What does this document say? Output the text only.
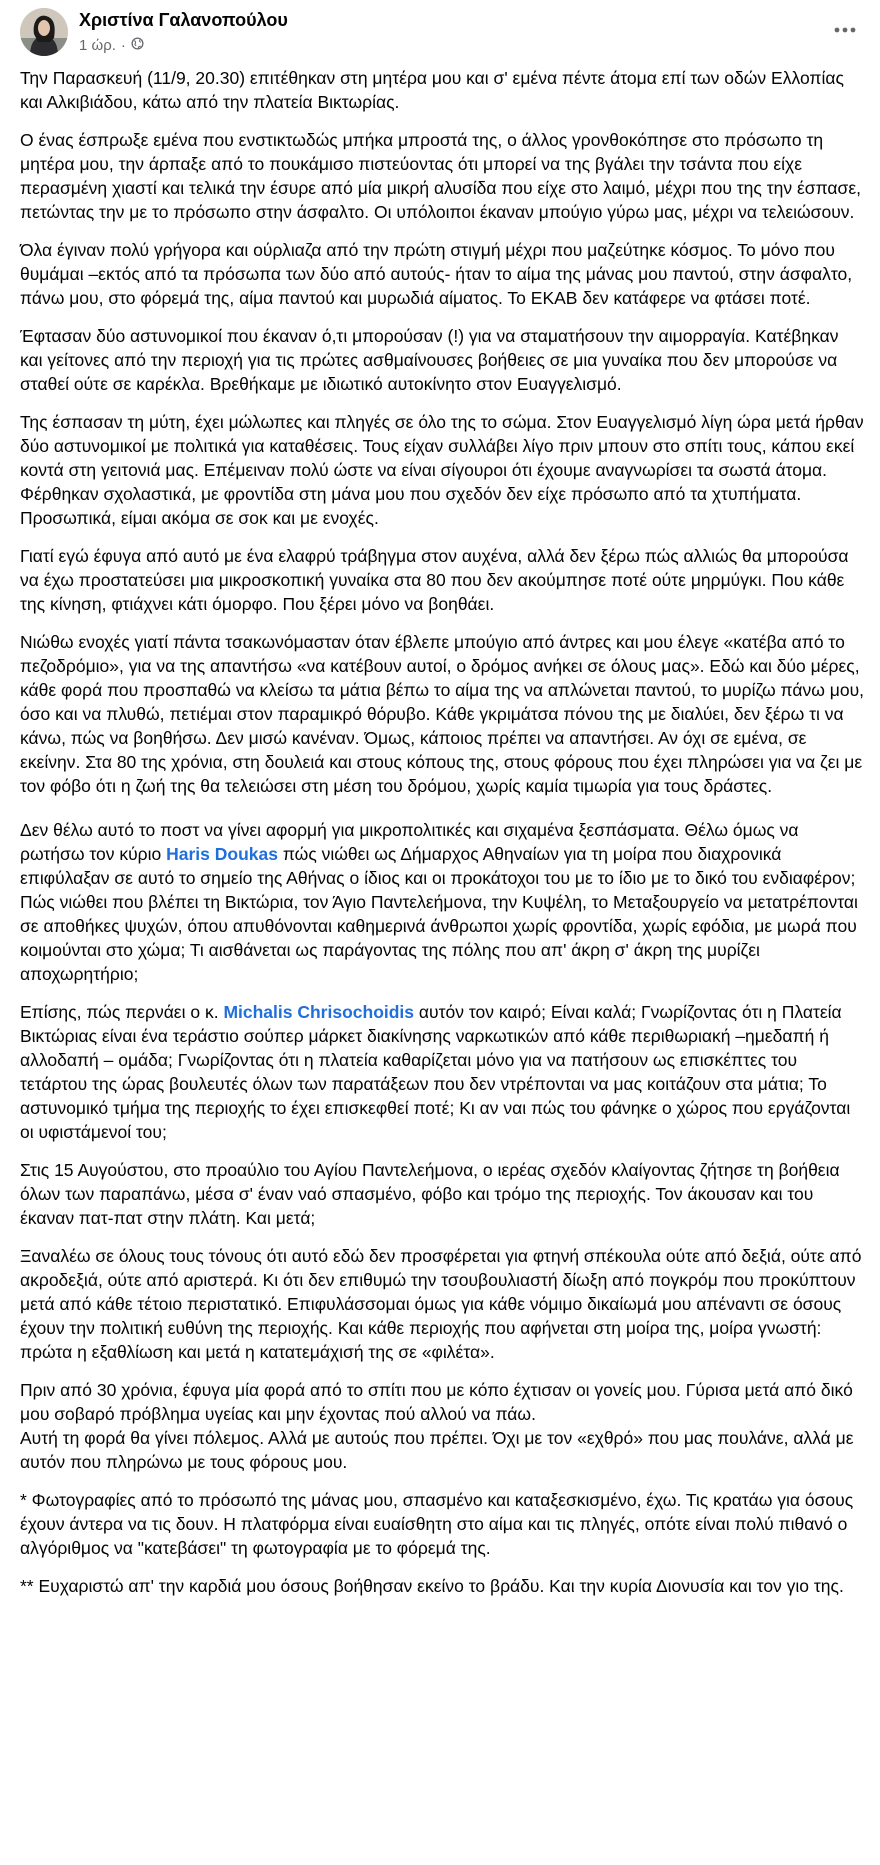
Χριστίνα Γαλανοπούλου
1 ώρ. ·

Την Παρασκευή (11/9, 20.30) επιτέθηκαν στη μητέρα μου και σ' εμένα πέντε άτομα επί των οδών Ελλοπίας και Αλκιβιάδου, κάτω από την πλατεία Βικτωρίας.

Ο ένας έσπρωξε εμένα που ενστικτωδώς μπήκα μπροστά της, ο άλλος γρονθοκόπησε στο πρόσωπο τη μητέρα μου, την άρπαξε από το πουκάμισο πιστεύοντας ότι μπορεί να της βγάλει την τσάντα που είχε περασμένη χιαστί και τελικά την έσυρε από μία μικρή αλυσίδα που είχε στο λαιμό, μέχρι που της την έσπασε, πετώντας την με το πρόσωπο στην άσφαλτο. Οι υπόλοιποι έκαναν μπούγιο γύρω μας, μέχρι να τελειώσουν.

Όλα έγιναν πολύ γρήγορα και ούρλιαζα από την πρώτη στιγμή μέχρι που μαζεύτηκε κόσμος. Το μόνο που θυμάμαι –εκτός από τα πρόσωπα των δύο από αυτούς- ήταν το αίμα της μάνας μου παντού, στην άσφαλτο, πάνω μου, στο φόρεμά της, αίμα παντού και μυρωδιά αίματος. Το ΕΚΑΒ δεν κατάφερε να φτάσει ποτέ.

Έφτασαν δύο αστυνομικοί που έκαναν ό,τι μπορούσαν (!) για να σταματήσουν την αιμορραγία. Κατέβηκαν και γείτονες από την περιοχή για τις πρώτες ασθμαίνουσες βοήθειες σε μια γυναίκα που δεν μπορούσε να σταθεί ούτε σε καρέκλα. Βρεθήκαμε με ιδιωτικό αυτοκίνητο στον Ευαγγελισμό.

Της έσπασαν τη μύτη, έχει μώλωπες και πληγές σε όλο της το σώμα. Στον Ευαγγελισμό λίγη ώρα μετά ήρθαν δύο αστυνομικοί με πολιτικά για καταθέσεις. Τους είχαν συλλάβει λίγο πριν μπουν στο σπίτι τους, κάπου εκεί κοντά στη γειτονιά μας. Επέμειναν πολύ ώστε να είναι σίγουροι ότι έχουμε αναγνωρίσει τα σωστά άτομα. Φέρθηκαν σχολαστικά, με φροντίδα στη μάνα μου που σχεδόν δεν είχε πρόσωπο από τα χτυπήματα. Προσωπικά, είμαι ακόμα σε σοκ και με ενοχές.

Γιατί εγώ έφυγα από αυτό με ένα ελαφρύ τράβηγμα στον αυχένα, αλλά δεν ξέρω πώς αλλιώς θα μπορούσα να έχω προστατεύσει μια μικροσκοπική γυναίκα στα 80 που δεν ακούμπησε ποτέ ούτε μηρμύγκι. Που κάθε της κίνηση, φτιάχνει κάτι όμορφο. Που ξέρει μόνο να βοηθάει.

Νιώθω ενοχές γιατί πάντα τσακωνόμασταν όταν έβλεπε μπούγιο από άντρες και μου έλεγε «κατέβα από το πεζοδρόμιο», για να της απαντήσω «να κατέβουν αυτοί, ο δρόμος ανήκει σε όλους μας». Εδώ και δύο μέρες, κάθε φορά που προσπαθώ να κλείσω τα μάτια βέπω το αίμα της να απλώνεται παντού, το μυρίζω πάνω μου, όσο και να πλυθώ, πετιέμαι στον παραμικρό θόρυβο. Κάθε γκριμάτσα πόνου της με διαλύει, δεν ξέρω τι να κάνω, πώς να βοηθήσω. Δεν μισώ κανέναν. Όμως, κάποιος πρέπει να απαντήσει. Αν όχι σε εμένα, σε εκείνην. Στα 80 της χρόνια, στη δουλειά και στους κόπους της, στους φόρους που έχει πληρώσει για να ζει με τον φόβο ότι η ζωή της θα τελειώσει στη μέση του δρόμου, χωρίς καμία τιμωρία για τους δράστες.

Δεν θέλω αυτό το ποστ να γίνει αφορμή για μικροπολιτικές και σιχαμένα ξεσπάσματα. Θέλω όμως να ρωτήσω τον κύριο Haris Doukas πώς νιώθει ως Δήμαρχος Αθηναίων για τη μοίρα που διαχρονικά επιφύλαξαν σε αυτό το σημείο της Αθήνας ο ίδιος και οι προκάτοχοι του με το ίδιο με το δικό του ενδιαφέρον; Πώς νιώθει που βλέπει τη Βικτώρια, τον Άγιο Παντελεήμονα, την Κυψέλη, το Μεταξουργείο να μετατρέπονται σε αποθήκες ψυχών, όπου απυθόνονται καθημερινά άνθρωποι χωρίς φροντίδα, χωρίς εφόδια, με μωρά που κοιμούνται στο χώμα; Τι αισθάνεται ως παράγοντας της πόλης που απ' άκρη σ' άκρη της μυρίζει αποχωρητήριο;

Επίσης, πώς περνάει ο κ. Michalis Chrisochoidis αυτόν τον καιρό; Είναι καλά; Γνωρίζοντας ότι η Πλατεία Βικτώριας είναι ένα τεράστιο σούπερ μάρκετ διακίνησης ναρκωτικών από κάθε περιθωριακή –ημεδαπή ή αλλοδαπή – ομάδα; Γνωρίζοντας ότι η πλατεία καθαρίζεται μόνο για να πατήσουν ως επισκέπτες του τετάρτου της ώρας βουλευτές όλων των παρατάξεων που δεν ντρέπονται να μας κοιτάζουν στα μάτια; Το αστυνομικό τμήμα της περιοχής το έχει επισκεφθεί ποτέ; Κι αν ναι πώς του φάνηκε ο χώρος που εργάζονται οι υφιστάμενοί του;

Στις 15 Αυγούστου, στο προαύλιο του Αγίου Παντελεήμονα, ο ιερέας σχεδόν κλαίγοντας ζήτησε τη βοήθεια όλων των παραπάνω, μέσα σ' έναν ναό σπασμένο, φόβο και τρόμο της περιοχής. Τον άκουσαν και του έκαναν πατ-πατ στην πλάτη. Και μετά;

Ξαναλέω σε όλους τους τόνους ότι αυτό εδώ δεν προσφέρεται για φτηνή σπέκουλα ούτε από δεξιά, ούτε από ακροδεξιά, ούτε από αριστερά. Κι ότι δεν επιθυμώ την τσουβουλιαστή δίωξη από πογκρόμ που προκύπτουν μετά από κάθε τέτοιο περιστατικό. Επιφυλάσσομαι όμως για κάθε νόμιμο δικαίωμά μου απέναντι σε όσους έχουν την πολιτική ευθύνη της περιοχής. Και κάθε περιοχής που αφήνεται στη μοίρα της, μοίρα γνωστή: πρώτα η εξαθλίωση και μετά η κατατεμάχισή της σε «φιλέτα».

Πριν από 30 χρόνια, έφυγα μία φορά από το σπίτι που με κόπο έχτισαν οι γονείς μου. Γύρισα μετά από δικό μου σοβαρό πρόβλημα υγείας και μην έχοντας πού αλλού να πάω.

Αυτή τη φορά θα γίνει πόλεμος. Αλλά με αυτούς που πρέπει. Όχι με τον «εχθρό» που μας πουλάνε, αλλά με αυτόν που πληρώνω με τους φόρους μου.

* Φωτογραφίες από το πρόσωπό της μάνας μου, σπασμένο και καταξεσκισμένο, έχω. Τις κρατάω για όσους έχουν άντερα να τις δουν. Η πλατφόρμα είναι ευαίσθητη στο αίμα και τις πληγές, οπότε είναι πολύ πιθανό ο αλγόριθμος να "κατεβάσει" τη φωτογραφία με το φόρεμά της.

** Ευχαριστώ απ' την καρδιά μου όσους βοήθησαν εκείνο το βράδυ. Και την κυρία Διονυσία και τον γιο της.
